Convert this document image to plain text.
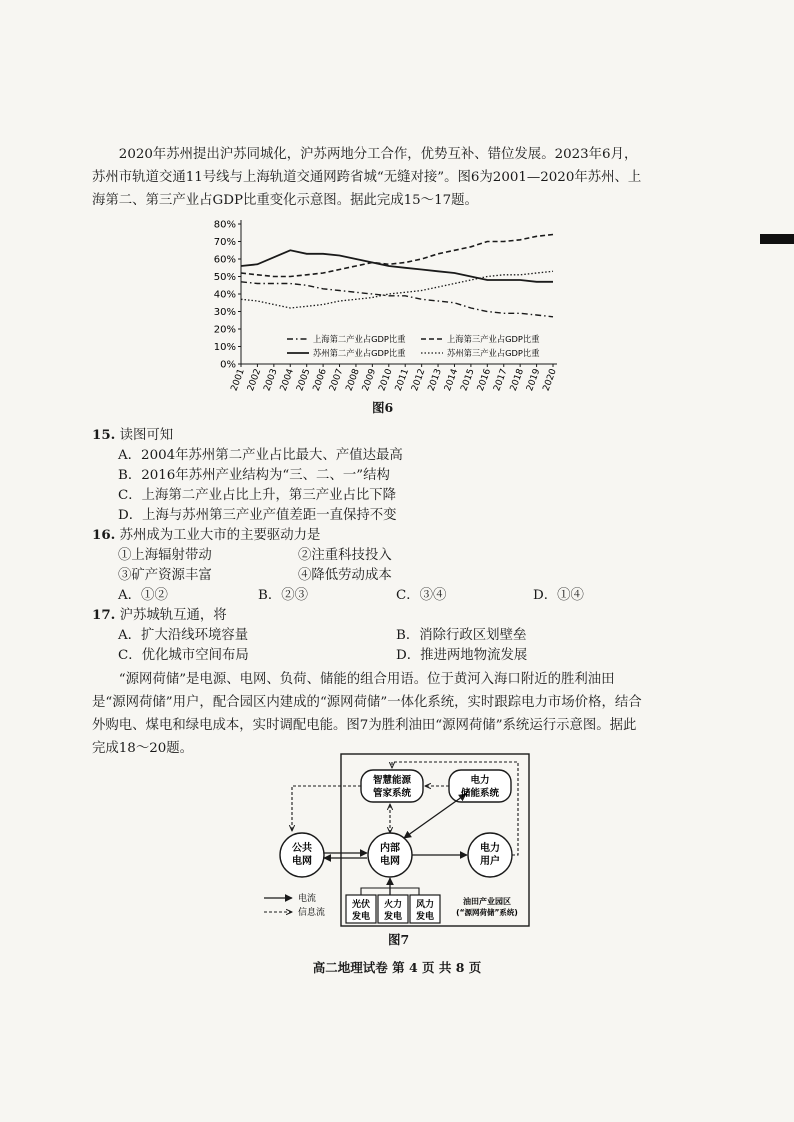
2020年苏州提出沪苏同城化，沪苏两地分工合作，优势互补、错位发展。2023年6月，苏州市轨道交通11号线与上海轨道交通网跨省城“无缝对接”。图6为2001—2020年苏州、上海第二、第三产业占GDP比重变化示意图。据此完成15～17题。

0%
10%
20%
30%
40%
50%
60%
70%
80%
2001 2002 2003 2004 2005 2006 2007 2008 2009 2010 2011 2012 2013 2014 2015 2016 2017 2018 2019 2020
上海第二产业占GDP比重	上海第三产业占GDP比重
苏州第二产业占GDP比重	苏州第三产业占GDP比重
图6
15. 读图可知
A．2004年苏州第二产业占比最大、产值达最高
B．2016年苏州产业结构为“三、二、一”结构
C．上海第二产业占比上升，第三产业占比下降
D．上海与苏州第三产业产值差距一直保持不变
16. 苏州成为工业大市的主要驱动力是
①上海辐射带动	②注重科技投入
③矿产资源丰富	④降低劳动成本
A．①②	B．②③	C．③④	D．①④
17. 沪苏城轨互通，将
A．扩大沿线环境容量	B．消除行政区划壁垒
C．优化城市空间布局	D．推进两地物流发展

“源网荷储”是电源、电网、负荷、储能的组合用语。位于黄河入海口附近的胜利油田是“源网荷储”用户，配合园区内建成的“源网荷储”一体化系统，实时跟踪电力市场价格，结合外购电、煤电和绿电成本，实时调配电能。图7为胜利油田“源网荷储”系统运行示意图。据此完成18～20题。

公共
电网
内部
电网
电力
用户
智慧能源
管家系统
电力
储能系统
光伏
发电
火力
发电
风力
发电
油田产业园区
(“源网荷储”系统)
电流
信息流
图7
高二地理试卷 第 4 页 共 8 页
